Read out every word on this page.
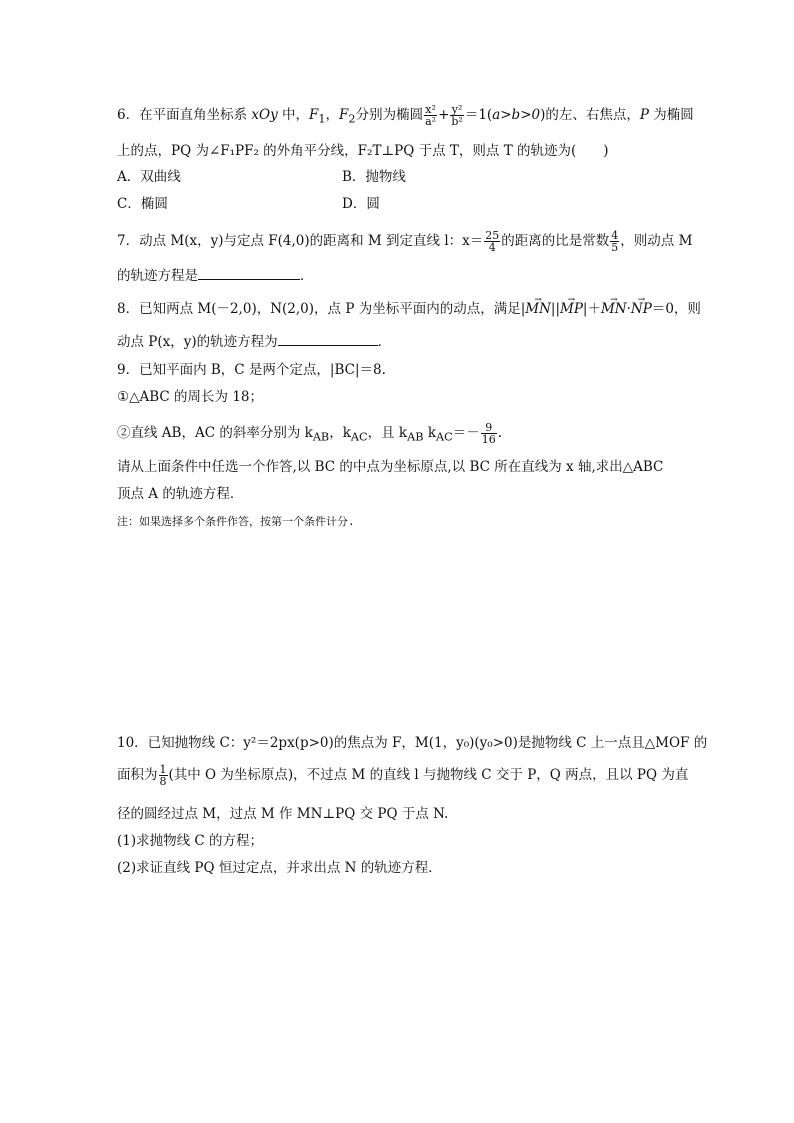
6．在平面直角坐标系 xOy 中，$F_1$，$F_2$分别为椭圆 $\frac{\text{x²}}{\text{a²}} + \frac{\text{y²}}{\text{b²}} =1(a>b>0)$的左、右焦点，P 为椭圆
上的点，PQ 为∠F₁PF₂ 的外角平分线，F₂T⊥PQ 于点 T，则点 T 的轨迹为(　　)
A．双曲线	B．抛物线
C．椭圆	D．圆
7．动点 M(x，y)与定点 F(4,0)的距离和 M 到定直线 l：$x= \frac{25}{4}$ 的距离的比是常数 $\frac{4}{5}$ ，则动点 M
的轨迹方程是	．
8．已知两点 M(－2,0)，N(2,0)，点 P 为坐标平面内的动点，满足|→ MN||→ MP|＋→ MN·→ NP＝0，则
动点 P(x，y)的轨迹方程为	．
9．已知平面内 B，C 是两个定点，|BC|＝8.
①△ABC 的周长为 18；
②直线 AB，AC 的斜率分别为 $k_{AB}$，$k_{AC}$，且 $k_{AB}$ $k_{AC}=- \frac{9}{16}$ .
请从上面条件中任选一个作答,以 BC 的中点为坐标原点,以 BC 所在直线为 x 轴,求出△ABC
顶点 A 的轨迹方程．
注：如果选择多个条件作答，按第一个条件计分.
10．已知抛物线 C：y²＝2px(p>0)的焦点为 F，M(1，y₀)(y₀>0)是抛物线 C 上一点且△MOF 的
面积为 $\frac{1}{8}$ (其中 O 为坐标原点)，不过点 M 的直线 l 与抛物线 C 交于 P，Q 两点，且以 PQ 为直
径的圆经过点 M，过点 M 作 MN⊥PQ 交 PQ 于点 N.
(1)求抛物线 C 的方程；
(2)求证直线 PQ 恒过定点，并求出点 N 的轨迹方程．
